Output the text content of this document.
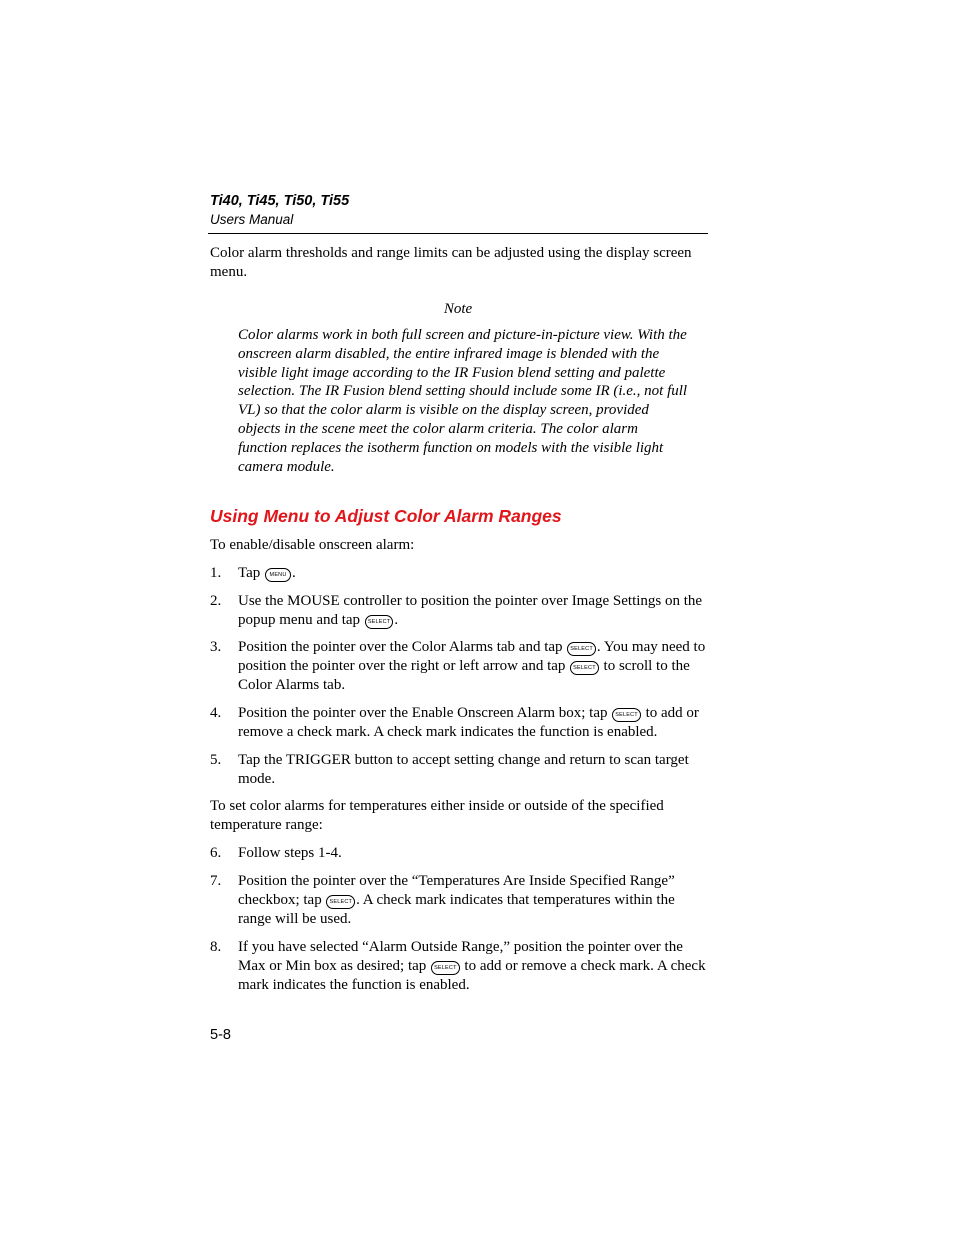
Ti40, Ti45, Ti50, Ti55
Users Manual
Color alarm thresholds and range limits can be adjusted using the display screen menu.
Note
Color alarms work in both full screen and picture-in-picture view. With the onscreen alarm disabled, the entire infrared image is blended with the visible light image according to the IR Fusion blend setting and palette selection. The IR Fusion blend setting should include some IR (i.e., not full VL) so that the color alarm is visible on the display screen, provided objects in the scene meet the color alarm criteria. The color alarm function replaces the isotherm function on models with the visible light camera module.
Using Menu to Adjust Color Alarm Ranges
To enable/disable onscreen alarm:
1. Tap MENU .
2. Use the MOUSE controller to position the pointer over Image Settings on the popup menu and tap SELECT .
3. Position the pointer over the Color Alarms tab and tap SELECT . You may need to position the pointer over the right or left arrow and tap SELECT to scroll to the Color Alarms tab.
4. Position the pointer over the Enable Onscreen Alarm box; tap SELECT to add or remove a check mark. A check mark indicates the function is enabled.
5. Tap the TRIGGER button to accept setting change and return to scan target mode.
To set color alarms for temperatures either inside or outside of the specified temperature range:
6. Follow steps 1-4.
7. Position the pointer over the “Temperatures Are Inside Specified Range” checkbox; tap SELECT . A check mark indicates that temperatures within the range will be used.
8. If you have selected “Alarm Outside Range,” position the pointer over the Max or Min box as desired; tap SELECT to add or remove a check mark. A check mark indicates the function is enabled.
5-8
